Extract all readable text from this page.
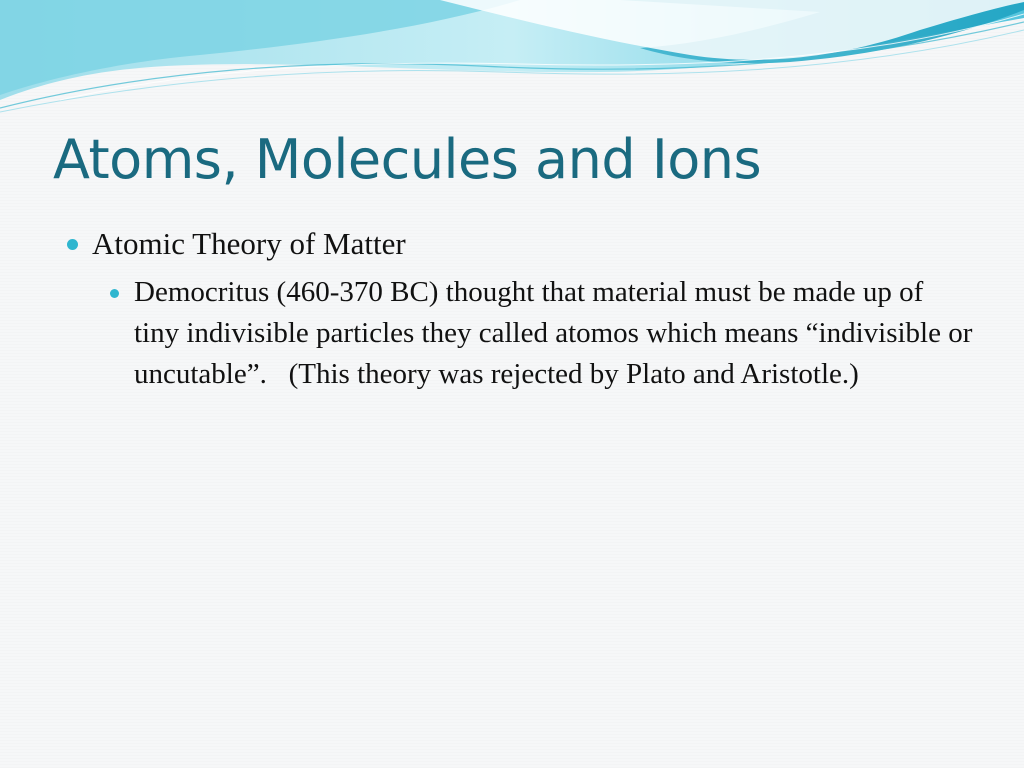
Atoms, Molecules and Ions
Atomic Theory of Matter
Democritus (460-370 BC) thought that material must be made up of tiny indivisible particles they called atomos which means “indivisible or uncutable”.   (This theory was rejected by Plato and Aristotle.)
